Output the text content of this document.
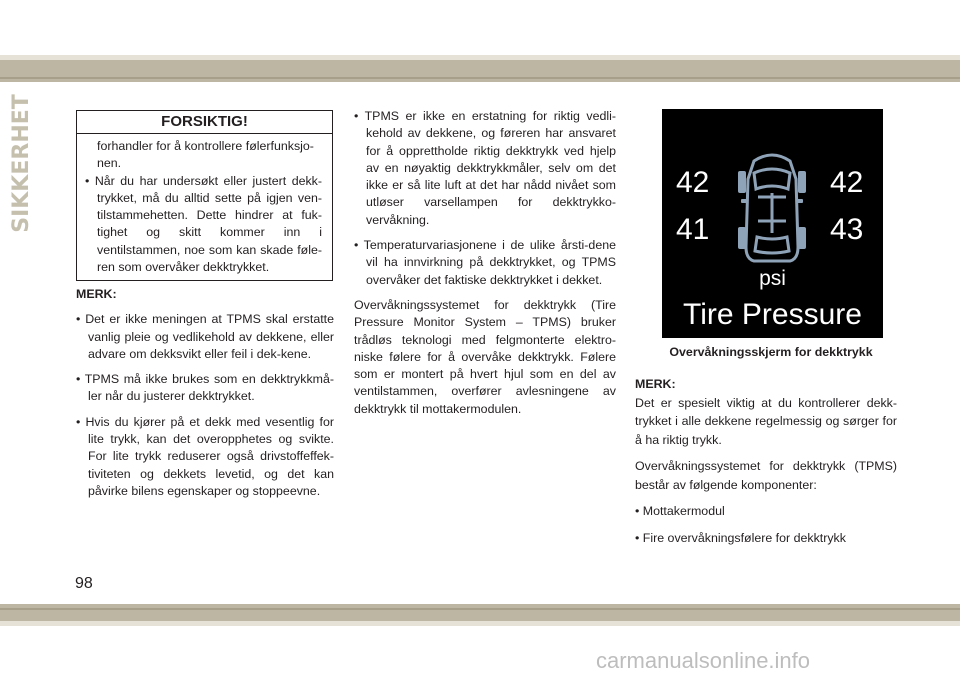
SIKKERHET	FORSIKTIG!

forhandler for å kontrollere følerfunksjo-nen.

• Når du har undersøkt eller justert dekk-trykket, må du alltid sette på igjen ven-tilstammehetten. Dette hindrer at fuk-tighet og skitt kommer inn i ventilstammen, noe som kan skade føle-ren som overvåker dekktrykket.

MERK:

• Det er ikke meningen at TPMS skal erstatte vanlig pleie og vedlikehold av dekkene, eller advare om dekksvikt eller feil i dek-kene.

• TPMS må ikke brukes som en dekktrykkmå-ler når du justerer dekktrykket.

• Hvis du kjører på et dekk med vesentlig for lite trykk, kan det overopphetes og svikte. For lite trykk reduserer også drivstoffeffek-tiviteten og dekkets levetid, og det kan påvirke bilens egenskaper og stoppeevne.

• TPMS er ikke en erstatning for riktig vedli-kehold av dekkene, og føreren har ansvaret for å opprettholde riktig dekktrykk ved hjelp av en nøyaktig dekktrykkmåler, selv om det ikke er så lite luft at det har nådd nivået som utløser varsellampen for dekktrykko-vervåkning.

• Temperaturvariasjonene i de ulike årsti-dene vil ha innvirkning på dekktrykket, og TPMS overvåker det faktiske dekktrykket i dekket.

Overvåkningssystemet for dekktrykk (Tire Pressure Monitor System – TPMS) bruker trådløs teknologi med felgmonterte elektro-niske følere for å overvåke dekktrykk. Følere som er montert på hvert hjul som en del av ventilstammen, overfører avlesningene av dekktrykk til mottakermodulen.

42	42
41	43
psi
Tire Pressure
Overvåkningsskjerm for dekktrykk

MERK:

Det er spesielt viktig at du kontrollerer dekk-trykket i alle dekkene regelmessig og sørger for å ha riktig trykk.

Overvåkningssystemet for dekktrykk (TPMS) består av følgende komponenter:

• Mottakermodul

• Fire overvåkningsfølere for dekktrykk

98
carmanualsonline.info
